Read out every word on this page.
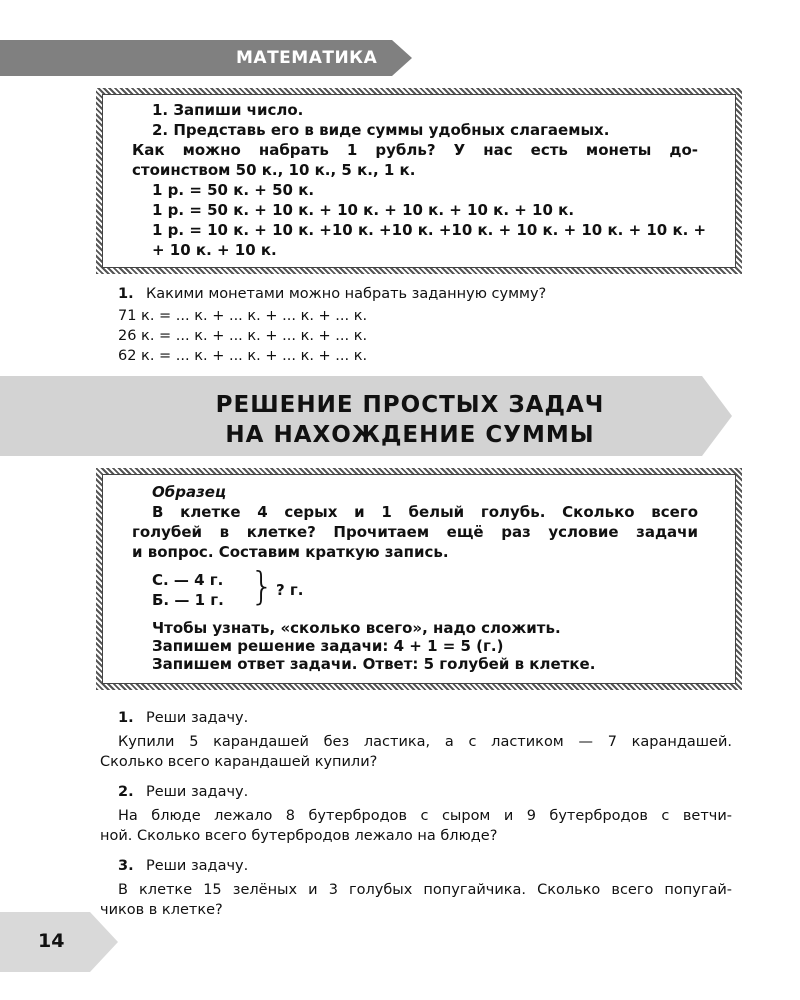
МАТЕМАТИКА
1. Запиши число.
2. Представь его в виде суммы удобных слагаемых.
Как можно набрать 1 рубль? У нас есть монеты до-
стоинством 50 к., 10 к., 5 к., 1 к.
1 р. = 50 к. + 50 к.
1 р. = 50 к. + 10 к. + 10 к. + 10 к. + 10 к. + 10 к.
1 р. = 10 к. + 10 к. +10 к. +10 к. +10 к. + 10 к. + 10 к. + 10 к. +
+ 10 к. + 10 к.
1. Какими монетами можно набрать заданную сумму?
71 к. = ... к. + ... к. + ... к. + ... к.
26 к. = ... к. + ... к. + ... к. + ... к.
62 к. = ... к. + ... к. + ... к. + ... к.
РЕШЕНИЕ ПРОСТЫХ ЗАДАЧ
НА НАХОЖДЕНИЕ СУММЫ
Образец
В клетке 4 серых и 1 белый голубь. Сколько всего
голубей в клетке? Прочитаем ещё раз условие задачи
и вопрос. Составим краткую запись.
С. — 4 г.
Б. — 1 г. } ? г.
Чтобы узнать, «сколько всего», надо сложить.
Запишем решение задачи: 4 + 1 = 5 (г.)
Запишем ответ задачи. Ответ: 5 голубей в клетке.
1. Реши задачу.
Купили 5 карандашей без ластика, а с ластиком — 7 карандашей.
Сколько всего карандашей купили?
2. Реши задачу.
На блюде лежало 8 бутербродов с сыром и 9 бутербродов с ветчи-
ной. Сколько всего бутербродов лежало на блюде?
3. Реши задачу.
В клетке 15 зелёных и 3 голубых попугайчика. Сколько всего попугай-
чиков в клетке?
14
